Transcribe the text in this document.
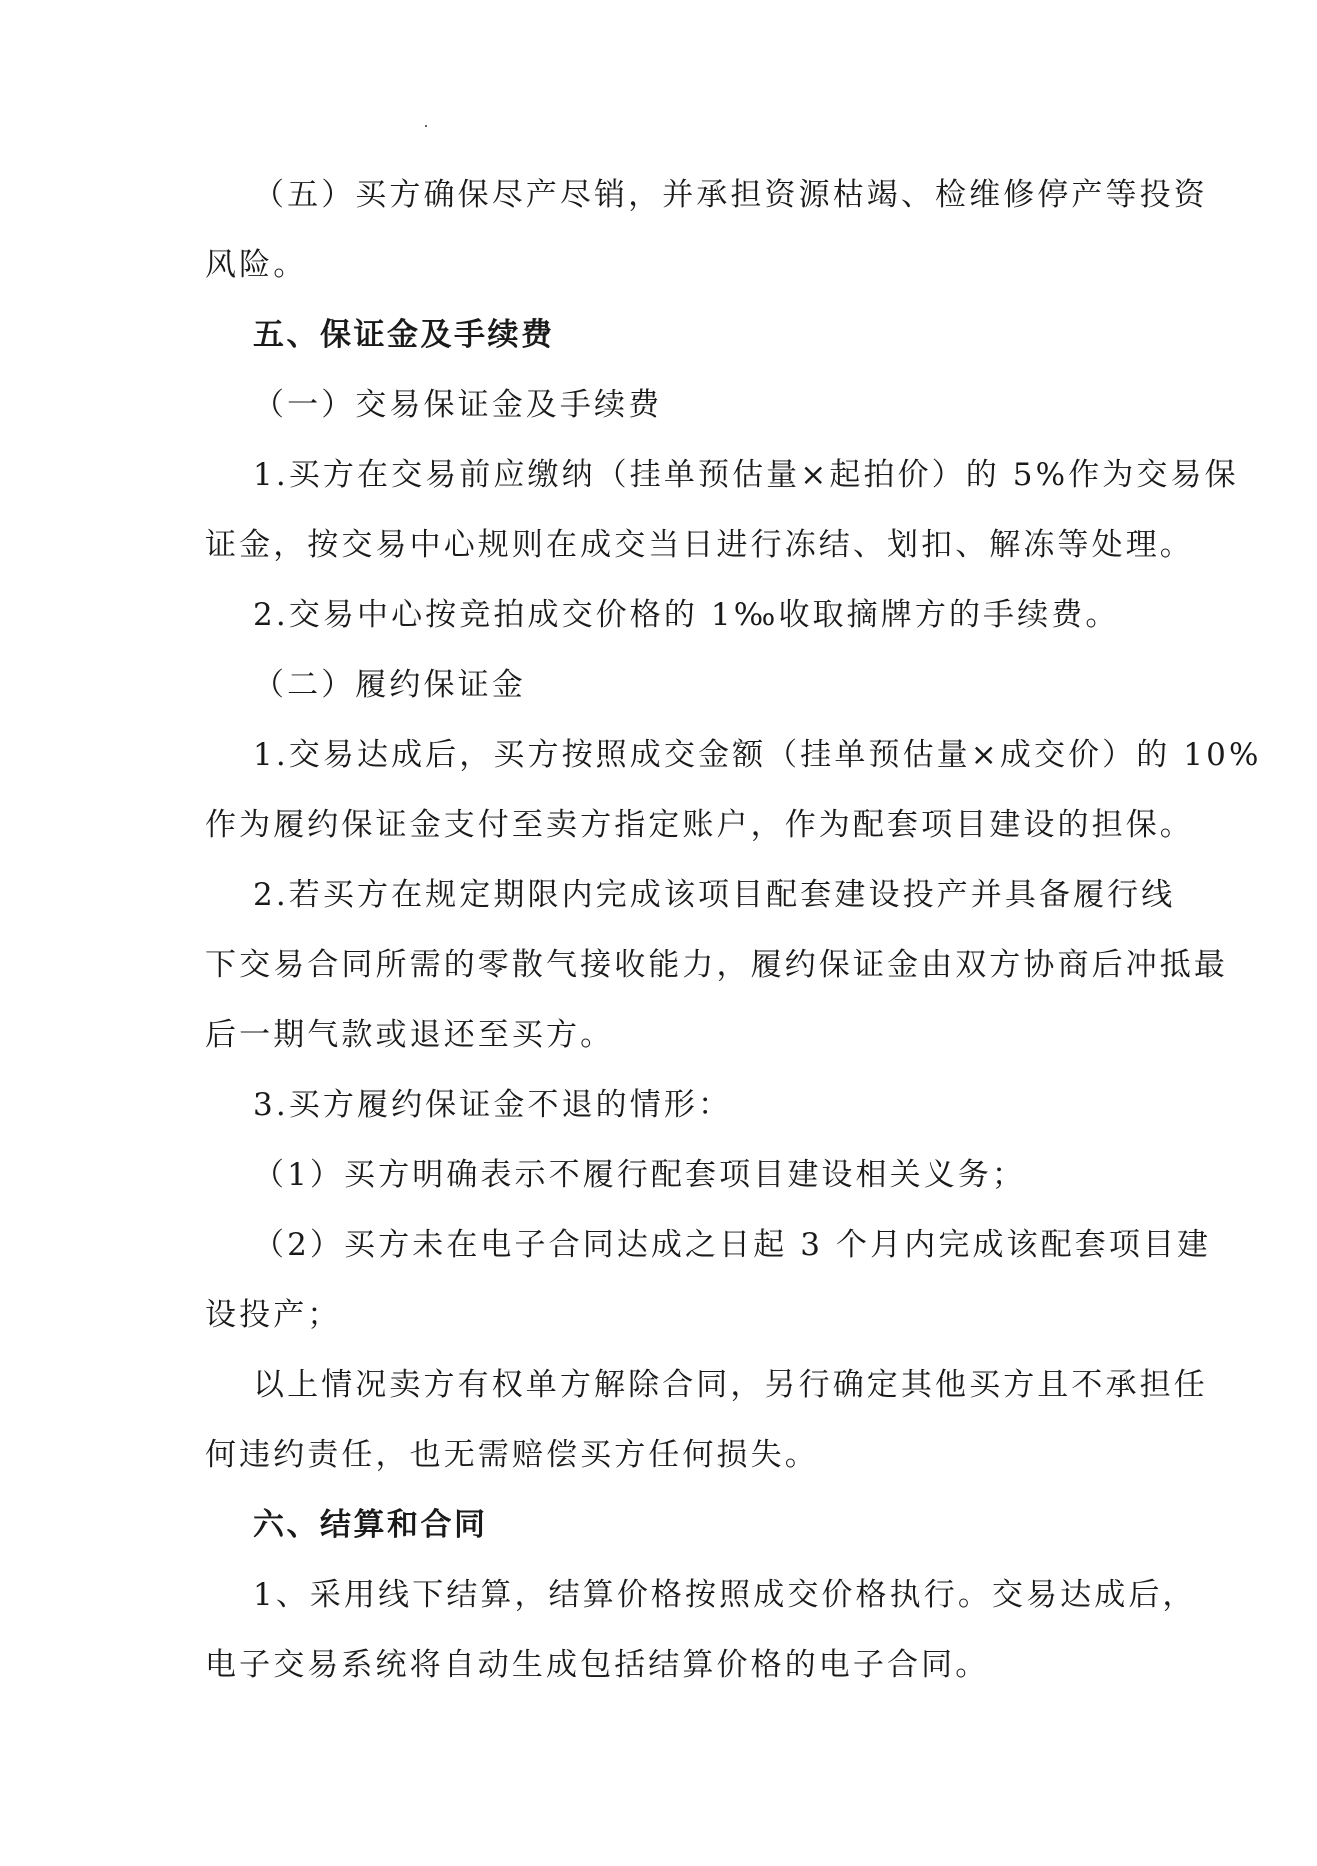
（五）买方确保尽产尽销，并承担资源枯竭、检维修停产等投资
风险。
五、保证金及手续费
（一）交易保证金及手续费
1.买方在交易前应缴纳（挂单预估量×起拍价）的 5%作为交易保
证金，按交易中心规则在成交当日进行冻结、划扣、解冻等处理。
2.交易中心按竞拍成交价格的 1‰收取摘牌方的手续费。
（二）履约保证金
1.交易达成后，买方按照成交金额（挂单预估量×成交价）的 10%
作为履约保证金支付至卖方指定账户，作为配套项目建设的担保。
2.若买方在规定期限内完成该项目配套建设投产并具备履行线
下交易合同所需的零散气接收能力，履约保证金由双方协商后冲抵最
后一期气款或退还至买方。
3.买方履约保证金不退的情形：
（1）买方明确表示不履行配套项目建设相关义务；
（2）买方未在电子合同达成之日起 3 个月内完成该配套项目建
设投产；
以上情况卖方有权单方解除合同，另行确定其他买方且不承担任
何违约责任，也无需赔偿买方任何损失。
六、结算和合同
1、采用线下结算，结算价格按照成交价格执行。交易达成后，
电子交易系统将自动生成包括结算价格的电子合同。
